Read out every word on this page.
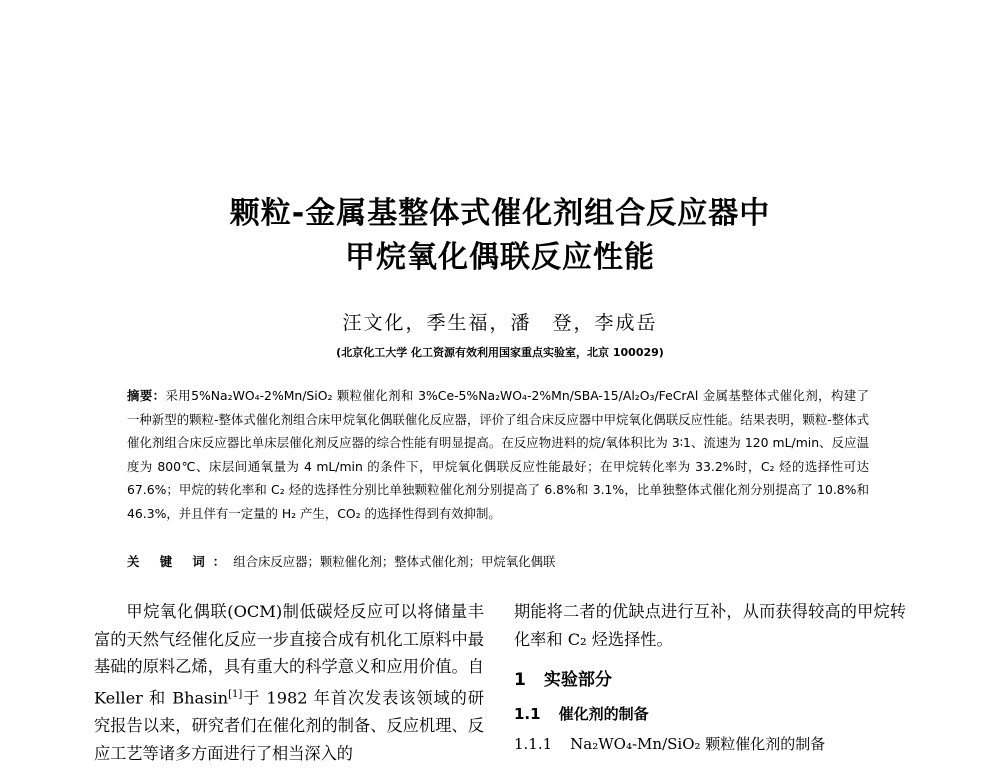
颗粒-金属基整体式催化剂组合反应器中
甲烷氧化偶联反应性能
汪文化，季生福，潘　登，李成岳
(北京化工大学 化工资源有效利用国家重点实验室，北京 100029)
摘要：采用5%Na₂WO₄-2%Mn/SiO₂ 颗粒催化剂和 3%Ce-5%Na₂WO₄-2%Mn/SBA-15/Al₂O₃/FeCrAl 金属基整体式催化剂，构建了一种新型的颗粒-整体式催化剂组合床甲烷氧化偶联催化反应器，评价了组合床反应器中甲烷氧化偶联反应性能。结果表明，颗粒-整体式催化剂组合床反应器比单床层催化剂反应器的综合性能有明显提高。在反应物进料的烷/氧体积比为 3∶1、流速为 120 mL/min、反应温度为 800℃、床层间通氧量为 4 mL/min 的条件下，甲烷氧化偶联反应性能最好；在甲烷转化率为 33.2%时，C₂ 烃的选择性可达 67.6%；甲烷的转化率和 C₂ 烃的选择性分别比单独颗粒催化剂分别提高了 6.8%和 3.1%，比单独整体式催化剂分别提高了 10.8%和 46.3%，并且伴有一定量的 H₂ 产生，CO₂ 的选择性得到有效抑制。
关 键 词：组合床反应器；颗粒催化剂；整体式催化剂；甲烷氧化偶联
甲烷氧化偶联(OCM)制低碳烃反应可以将储量丰富的天然气经催化反应一步直接合成有机化工原料中最基础的原料乙烯，具有重大的科学意义和应用价值。自 Keller 和 Bhasin[1]于 1982 年首次发表该领域的研究报告以来，研究者们在催化剂的制备、反应机理、反应工艺等诸多方面进行了相当深入的
期能将二者的优缺点进行互补，从而获得较高的甲烷转化率和 C₂ 烃选择性。
1 实验部分
1.1 催化剂的制备
1.1.1 Na₂WO₄-Mn/SiO₂ 颗粒催化剂的制备
